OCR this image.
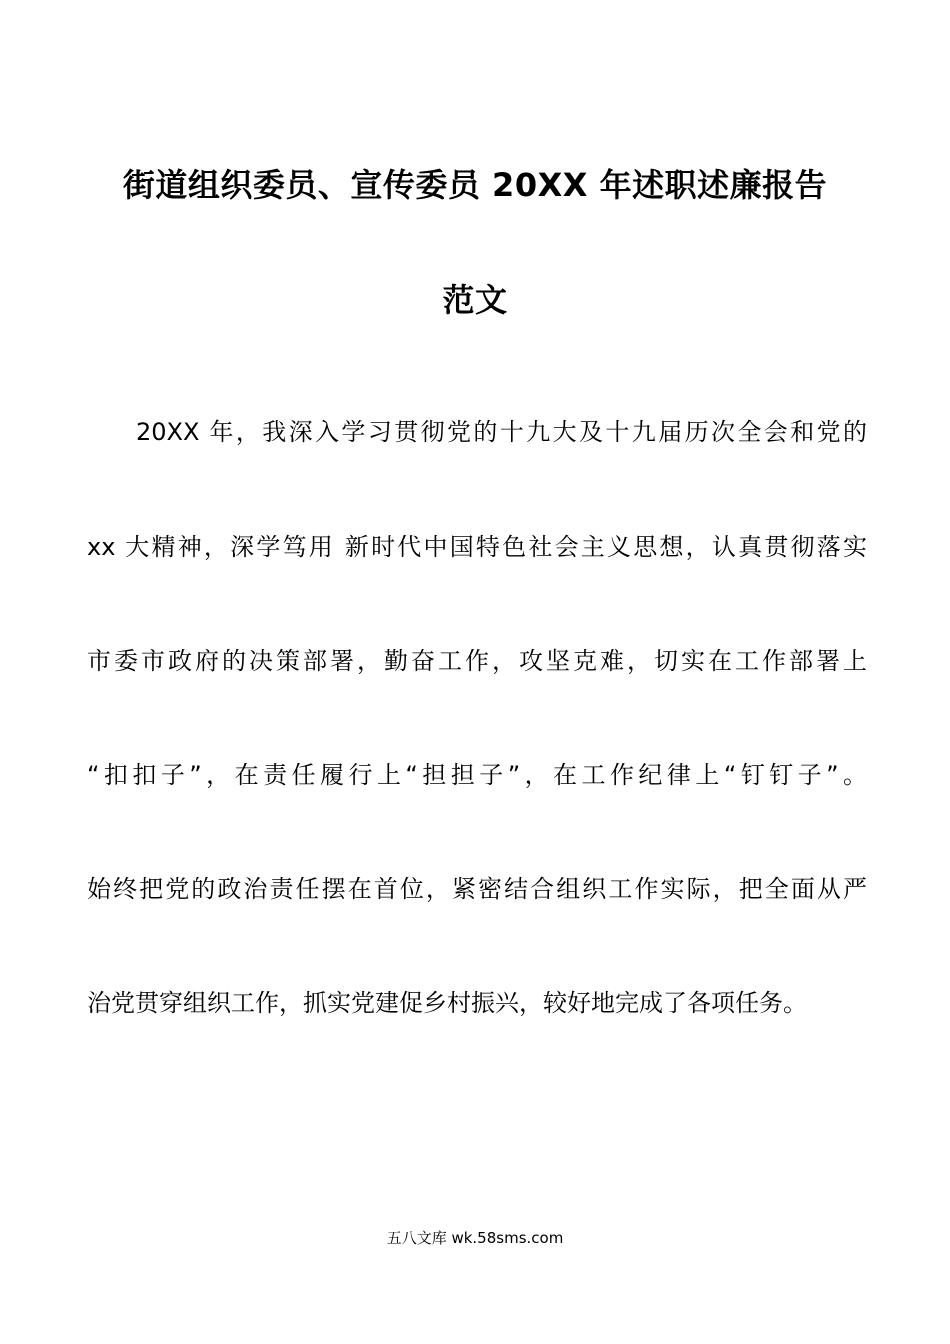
街道组织委员、宣传委员 20XX 年述职述廉报告
范文
20XX 年，我深入学习贯彻党的十九大及十九届历次全会和党的
xx 大精神，深学笃用 新时代中国特色社会主义思想，认真贯彻落实
市委市政府的决策部署，勤奋工作，攻坚克难，切实在工作部署上
“扣扣子”，在责任履行上“担担子”，在工作纪律上“钉钉子”。
始终把党的政治责任摆在首位，紧密结合组织工作实际，把全面从严
治党贯穿组织工作，抓实党建促乡村振兴，较好地完成了各项任务。
五八文库 wk.58sms.com
